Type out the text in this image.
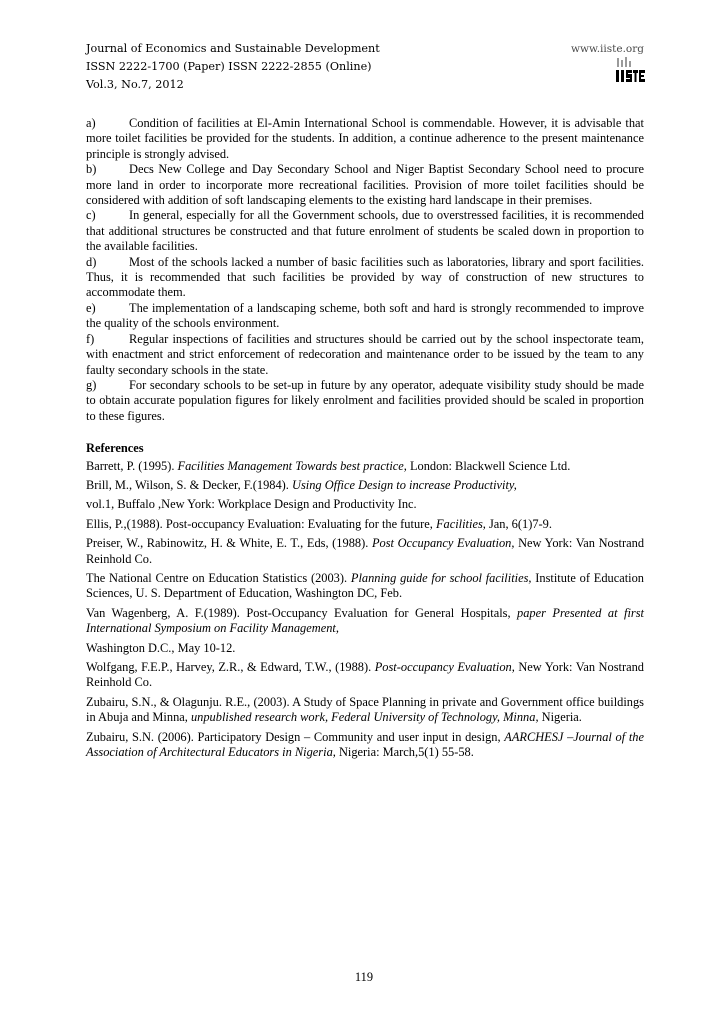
Journal of Economics and Sustainable Development
ISSN 2222-1700 (Paper) ISSN 2222-2855 (Online)
Vol.3, No.7, 2012
www.iiste.org

a)	Condition of facilities at El-Amin International School is commendable. However, it is advisable that more toilet facilities be provided for the students. In addition, a continue adherence to the present maintenance principle is strongly advised.

b)	Decs New College and Day Secondary School and Niger Baptist Secondary School need to procure more land in order to incorporate more recreational facilities. Provision of more toilet facilities should be considered with addition of soft landscaping elements to the existing hard landscape in their premises.

c)	In general, especially for all the Government schools, due to overstressed facilities, it is recommended that additional structures be constructed and that future enrolment of students be scaled down in proportion to the available facilities.

d)	Most of the schools lacked a number of basic facilities such as laboratories, library and sport facilities. Thus, it is recommended that such facilities be provided by way of construction of new structures to accommodate them.

e)	The implementation of a landscaping scheme, both soft and hard is strongly recommended to improve the quality of the schools environment.

f)	Regular inspections of facilities and structures should be carried out by the school inspectorate team, with enactment and strict enforcement of redecoration and maintenance order to be issued by the team to any faulty secondary schools in the state.

g)	For secondary schools to be set-up in future by any operator, adequate visibility study should be made to obtain accurate population figures for likely enrolment and facilities provided should be scaled in proportion to these figures.

References

Barrett, P. (1995). Facilities Management Towards best practice, London: Blackwell Science Ltd.

Brill, M., Wilson, S. & Decker, F.(1984). Using Office Design to increase Productivity,

vol.1, Buffalo ,New York: Workplace Design and Productivity Inc.

Ellis, P.,(1988). Post-occupancy Evaluation: Evaluating for the future, Facilities, Jan, 6(1)7-9.

Preiser, W., Rabinowitz, H. & White, E. T., Eds, (1988). Post Occupancy Evaluation, New York: Van Nostrand Reinhold Co.

The National Centre on Education Statistics (2003). Planning guide for school facilities, Institute of Education Sciences, U. S. Department of Education, Washington DC, Feb.

Van Wagenberg, A. F.(1989). Post-Occupancy Evaluation for General Hospitals, paper Presented at first International Symposium on Facility Management,

Washington D.C., May 10-12.

Wolfgang, F.E.P., Harvey, Z.R., & Edward, T.W., (1988). Post-occupancy Evaluation, New York: Van Nostrand Reinhold Co.

Zubairu, S.N., & Olagunju. R.E., (2003). A Study of Space Planning in private and Government office buildings in Abuja and Minna, unpublished research work, Federal University of Technology, Minna, Nigeria.

Zubairu, S.N. (2006). Participatory Design – Community and user input in design, AARCHESJ –Journal of the Association of Architectural Educators in Nigeria, Nigeria: March,5(1) 55-58.

119
